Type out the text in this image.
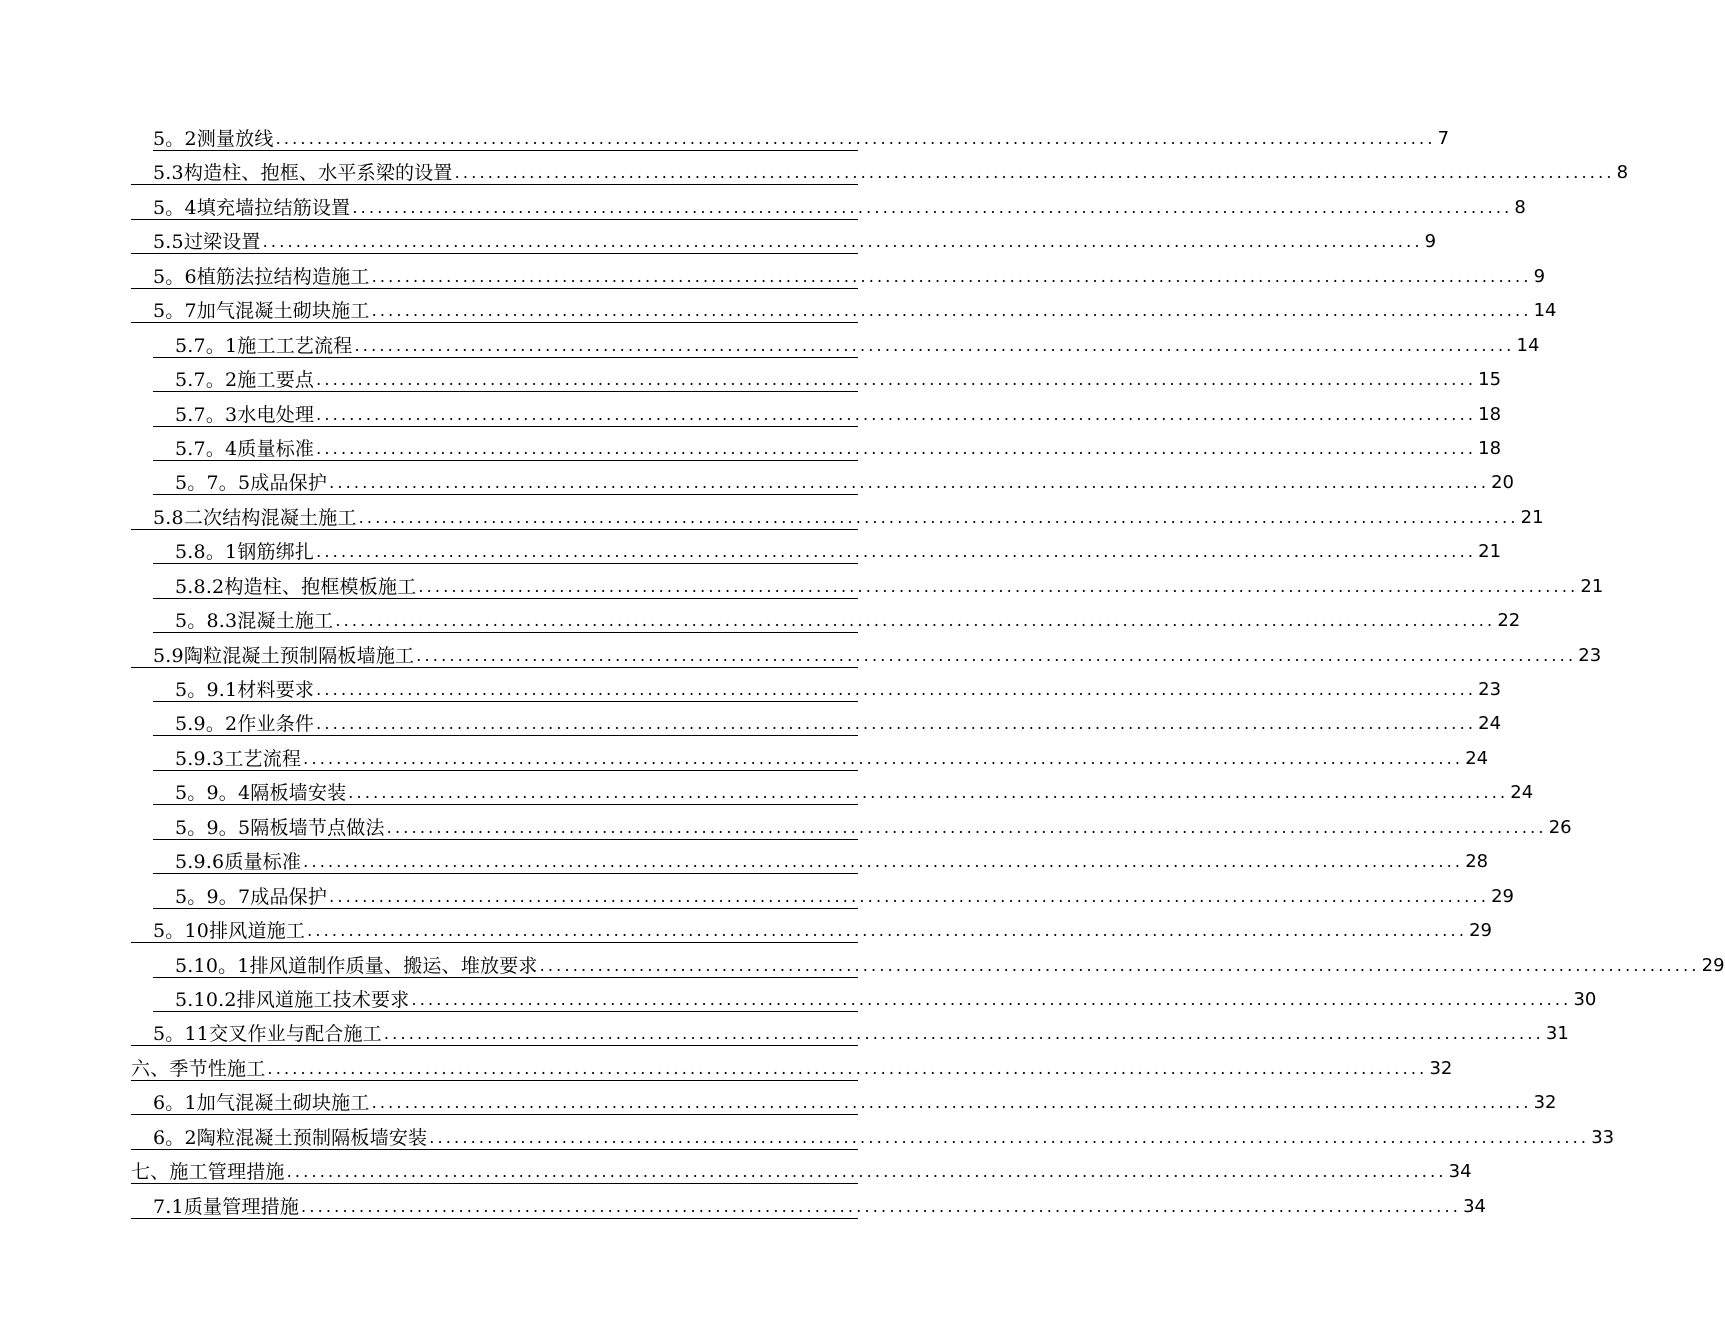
5。2测量放线 ............................................................................................................................................ 7
5.3构造柱、抱框、水平系梁的设置 ............................................................................................................................................ 8
5。4填充墙拉结筋设置 ............................................................................................................................................ 8
5.5过梁设置 ............................................................................................................................................ 9
5。6植筋法拉结构造施工 ............................................................................................................................................ 9
5。7加气混凝土砌块施工 ............................................................................................................................................ 14
5.7。1施工工艺流程 ............................................................................................................................................ 14
5.7。2施工要点 ............................................................................................................................................ 15
5.7。3水电处理 ............................................................................................................................................ 18
5.7。4质量标准 ............................................................................................................................................ 18
5。7。5成品保护 ............................................................................................................................................ 20
5.8二次结构混凝土施工 ............................................................................................................................................ 21
5.8。1钢筋绑扎 ............................................................................................................................................ 21
5.8.2构造柱、抱框模板施工 ............................................................................................................................................ 21
5。8.3混凝土施工 ............................................................................................................................................ 22
5.9陶粒混凝土预制隔板墙施工 ............................................................................................................................................ 23
5。9.1材料要求 ............................................................................................................................................ 23
5.9。2作业条件 ............................................................................................................................................ 24
5.9.3工艺流程 ............................................................................................................................................ 24
5。9。4隔板墙安装 ............................................................................................................................................ 24
5。9。5隔板墙节点做法 ............................................................................................................................................ 26
5.9.6质量标准 ............................................................................................................................................ 28
5。9。7成品保护 ............................................................................................................................................ 29
5。10排风道施工 ............................................................................................................................................ 29
5.10。1排风道制作质量、搬运、堆放要求 ............................................................................................................................................ 29
5.10.2排风道施工技术要求 ............................................................................................................................................ 30
5。11交叉作业与配合施工 ............................................................................................................................................ 31
六、季节性施工 ............................................................................................................................................ 32
6。1加气混凝土砌块施工 ............................................................................................................................................ 32
6。2陶粒混凝土预制隔板墙安装 ............................................................................................................................................ 33
七、施工管理措施 ............................................................................................................................................ 34
7.1质量管理措施 ............................................................................................................................................ 34
